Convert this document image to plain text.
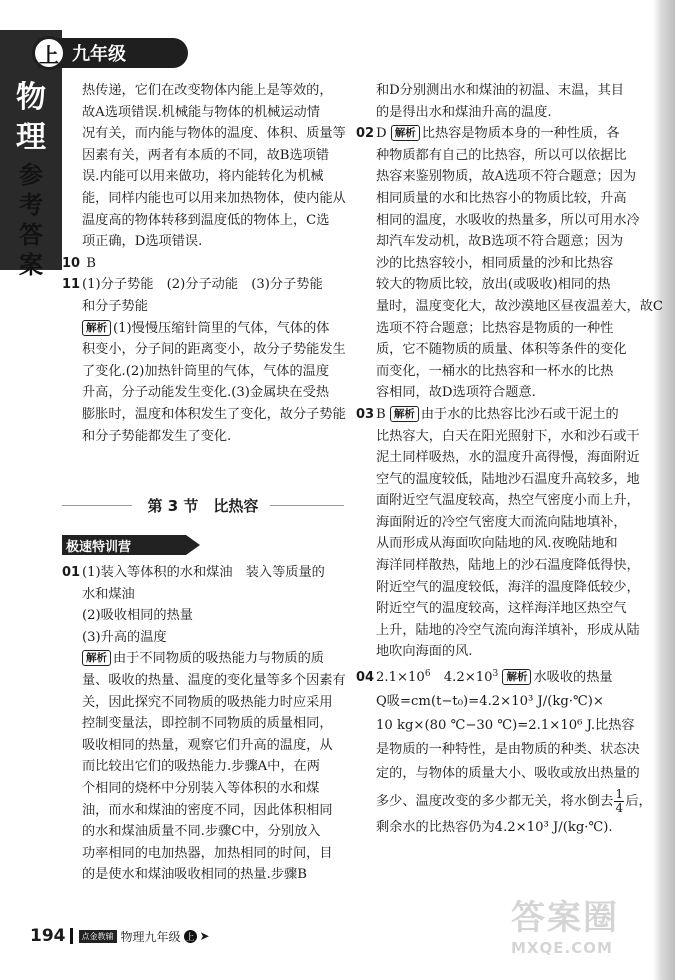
上 九年级
物
理
参
考
答
案
热传递，它们在改变物体内能上是等效的，
故A选项错误.机械能与物体的机械运动情
况有关，而内能与物体的温度、体积、质量等
因素有关，两者有本质的不同，故B选项错
误.内能可以用来做功，将内能转化为机械
能，同样内能也可以用来加热物体，使内能从
温度高的物体转移到温度低的物体上，C选
项正确，D选项错误.
10 B
11 (1)分子势能　(2)分子动能　(3)分子势能
和分子势能
解析 (1)慢慢压缩针筒里的气体，气体的体
积变小，分子间的距离变小，故分子势能发生
了变化.(2)加热针筒里的气体，气体的温度
升高，分子动能发生变化.(3)金属块在受热
膨胀时，温度和体积发生了变化，故分子势能
和分子势能都发生了变化.
第 3 节　比热容
极速特训营
01 (1)装入等体积的水和煤油　装入等质量的
水和煤油
(2)吸收相同的热量
(3)升高的温度
解析 由于不同物质的吸热能力与物质的质
量、吸收的热量、温度的变化量等多个因素有
关，因此探究不同物质的吸热能力时应采用
控制变量法，即控制不同物质的质量相同，
吸收相同的热量，观察它们升高的温度，从
而比较出它们的吸热能力.步骤A中，在两
个相同的烧杯中分别装入等体积的水和煤
油，而水和煤油的密度不同，因此体积相同
的水和煤油质量不同.步骤C中，分别放入
功率相同的电加热器，加热相同的时间，目
的是使水和煤油吸收相同的热量.步骤B
和D分别测出水和煤油的初温、末温，其目
的是得出水和煤油升高的温度.
02 D 解析 比热容是物质本身的一种性质，各
种物质都有自己的比热容，所以可以依据比
热容来鉴别物质，故A选项不符合题意；因为
相同质量的水和比热容小的物质比较，升高
相同的温度，水吸收的热量多，所以可用水冷
却汽车发动机，故B选项不符合题意；因为
沙的比热容较小，相同质量的沙和比热容
较大的物质比较，放出(或吸收)相同的热
量时，温度变化大，故沙漠地区昼夜温差大，故C
选项不符合题意；比热容是物质的一种性
质，它不随物质的质量、体积等条件的变化
而变化，一桶水的比热容和一杯水的比热
容相同，故D选项符合题意.
03 B 解析 由于水的比热容比沙石或干泥土的
比热容大，白天在阳光照射下，水和沙石或干
泥土同样吸热，水的温度升高得慢，海面附近
空气的温度较低，陆地沙石温度升高较多，地
面附近空气温度较高，热空气密度小而上升，
海面附近的冷空气密度大而流向陆地填补，
从而形成从海面吹向陆地的风.夜晚陆地和
海洋同样散热，陆地上的沙石温度降低得快，
附近空气的温度较低，海洋的温度降低较少，
附近空气的温度较高，这样海洋地区热空气
上升，陆地的冷空气流向海洋填补，形成从陆
地吹向海面的风.
04 $2.1\times 10^6$　 $4.2\times 10^3$ 解析 水吸收的热量
Q吸=cm(t−t₀)=4.2×10³ J/(kg·℃)×
10 kg×(80 ℃−30 ℃)=2.1×10⁶ J.比热容
是物质的一种特性，是由物质的种类、状态决
定的，与物体的质量大小、吸收或放出热量的
多少、温度改变的多少都无关，将水倒去 $\frac{1}{4}$ 后，
剩余水的比热容仍为4.2×10³ J/(kg·℃).
194	点金教辅 物理九年级 上 ➤	答案圈
MXQE.COM
